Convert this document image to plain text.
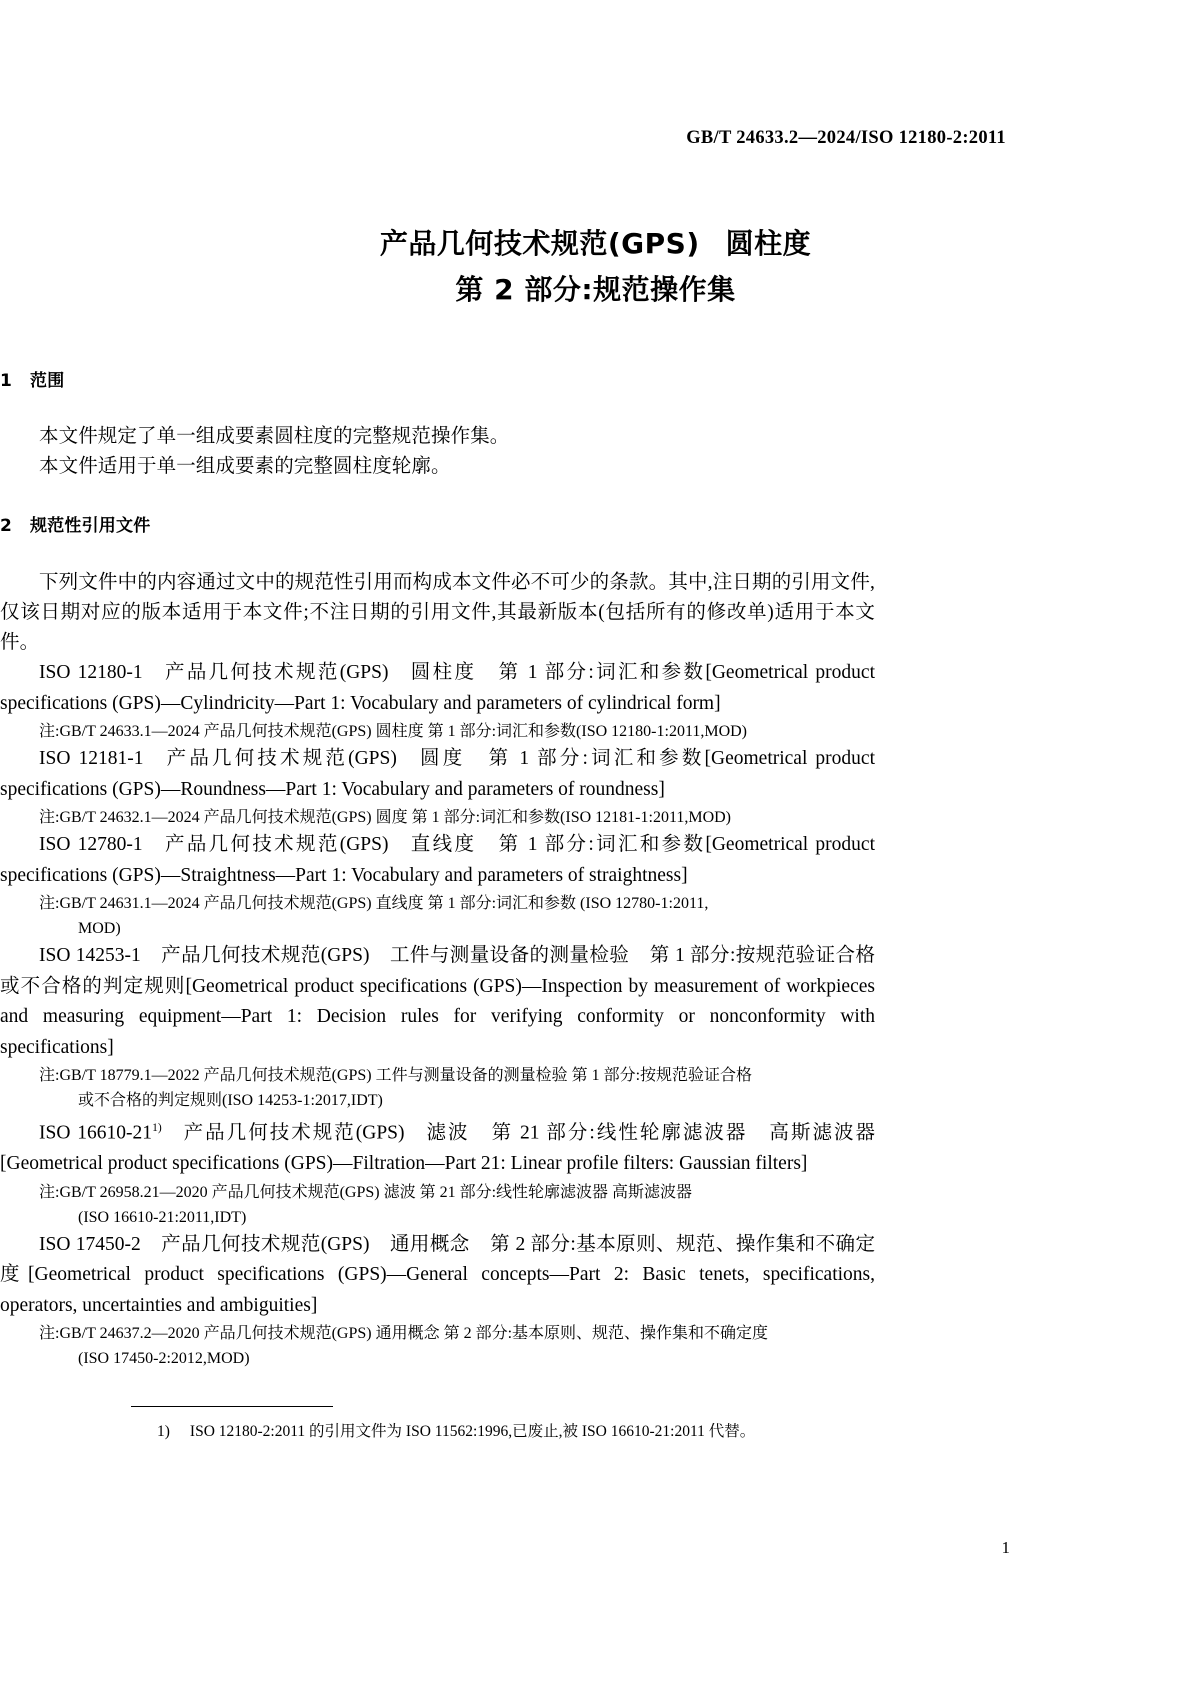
GB/T 24633.2—2024/ISO 12180-2:2011
产品几何技术规范(GPS) 圆柱度
第 2 部分:规范操作集
1 范围
本文件规定了单一组成要素圆柱度的完整规范操作集。
本文件适用于单一组成要素的完整圆柱度轮廓。
2 规范性引用文件
下列文件中的内容通过文中的规范性引用而构成本文件必不可少的条款。其中,注日期的引用文件,仅该日期对应的版本适用于本文件;不注日期的引用文件,其最新版本(包括所有的修改单)适用于本文件。
ISO 12180-1 产品几何技术规范(GPS) 圆柱度 第 1 部分:词汇和参数[Geometrical product specifications (GPS)—Cylindricity—Part 1: Vocabulary and parameters of cylindrical form]
注:GB/T 24633.1—2024 产品几何技术规范(GPS) 圆柱度 第 1 部分:词汇和参数(ISO 12180-1:2011,MOD)
ISO 12181-1 产品几何技术规范(GPS) 圆度 第 1 部分:词汇和参数[Geometrical product specifications (GPS)—Roundness—Part 1: Vocabulary and parameters of roundness]
注:GB/T 24632.1—2024 产品几何技术规范(GPS) 圆度 第 1 部分:词汇和参数(ISO 12181-1:2011,MOD)
ISO 12780-1 产品几何技术规范(GPS) 直线度 第 1 部分:词汇和参数[Geometrical product specifications (GPS)—Straightness—Part 1: Vocabulary and parameters of straightness]
注:GB/T 24631.1—2024 产品几何技术规范(GPS) 直线度 第 1 部分:词汇和参数 (ISO 12780-1:2011,
MOD)
ISO 14253-1 产品几何技术规范(GPS) 工件与测量设备的测量检验 第 1 部分:按规范验证合格或不合格的判定规则[Geometrical product specifications (GPS)—Inspection by measurement of workpieces and measuring equipment—Part 1: Decision rules for verifying conformity or nonconformity with specifications]
注:GB/T 18779.1—2022 产品几何技术规范(GPS) 工件与测量设备的测量检验 第 1 部分:按规范验证合格
或不合格的判定规则(ISO 14253-1:2017,IDT)
ISO 16610-21$^{1)}$ 产品几何技术规范(GPS) 滤波 第 21 部分:线性轮廓滤波器 高斯滤波器[Geometrical product specifications (GPS)—Filtration—Part 21: Linear profile filters: Gaussian filters]
注:GB/T 26958.21—2020 产品几何技术规范(GPS) 滤波 第 21 部分:线性轮廓滤波器 高斯滤波器
(ISO 16610-21:2011,IDT)
ISO 17450-2 产品几何技术规范(GPS) 通用概念 第 2 部分:基本原则、规范、操作集和不确定度[Geometrical product specifications (GPS)—General concepts—Part 2: Basic tenets, specifications, operators, uncertainties and ambiguities]
注:GB/T 24637.2—2020 产品几何技术规范(GPS) 通用概念 第 2 部分:基本原则、规范、操作集和不确定度
(ISO 17450-2:2012,MOD)
1) ISO 12180-2:2011 的引用文件为 ISO 11562:1996,已废止,被 ISO 16610-21:2011 代替。
1
